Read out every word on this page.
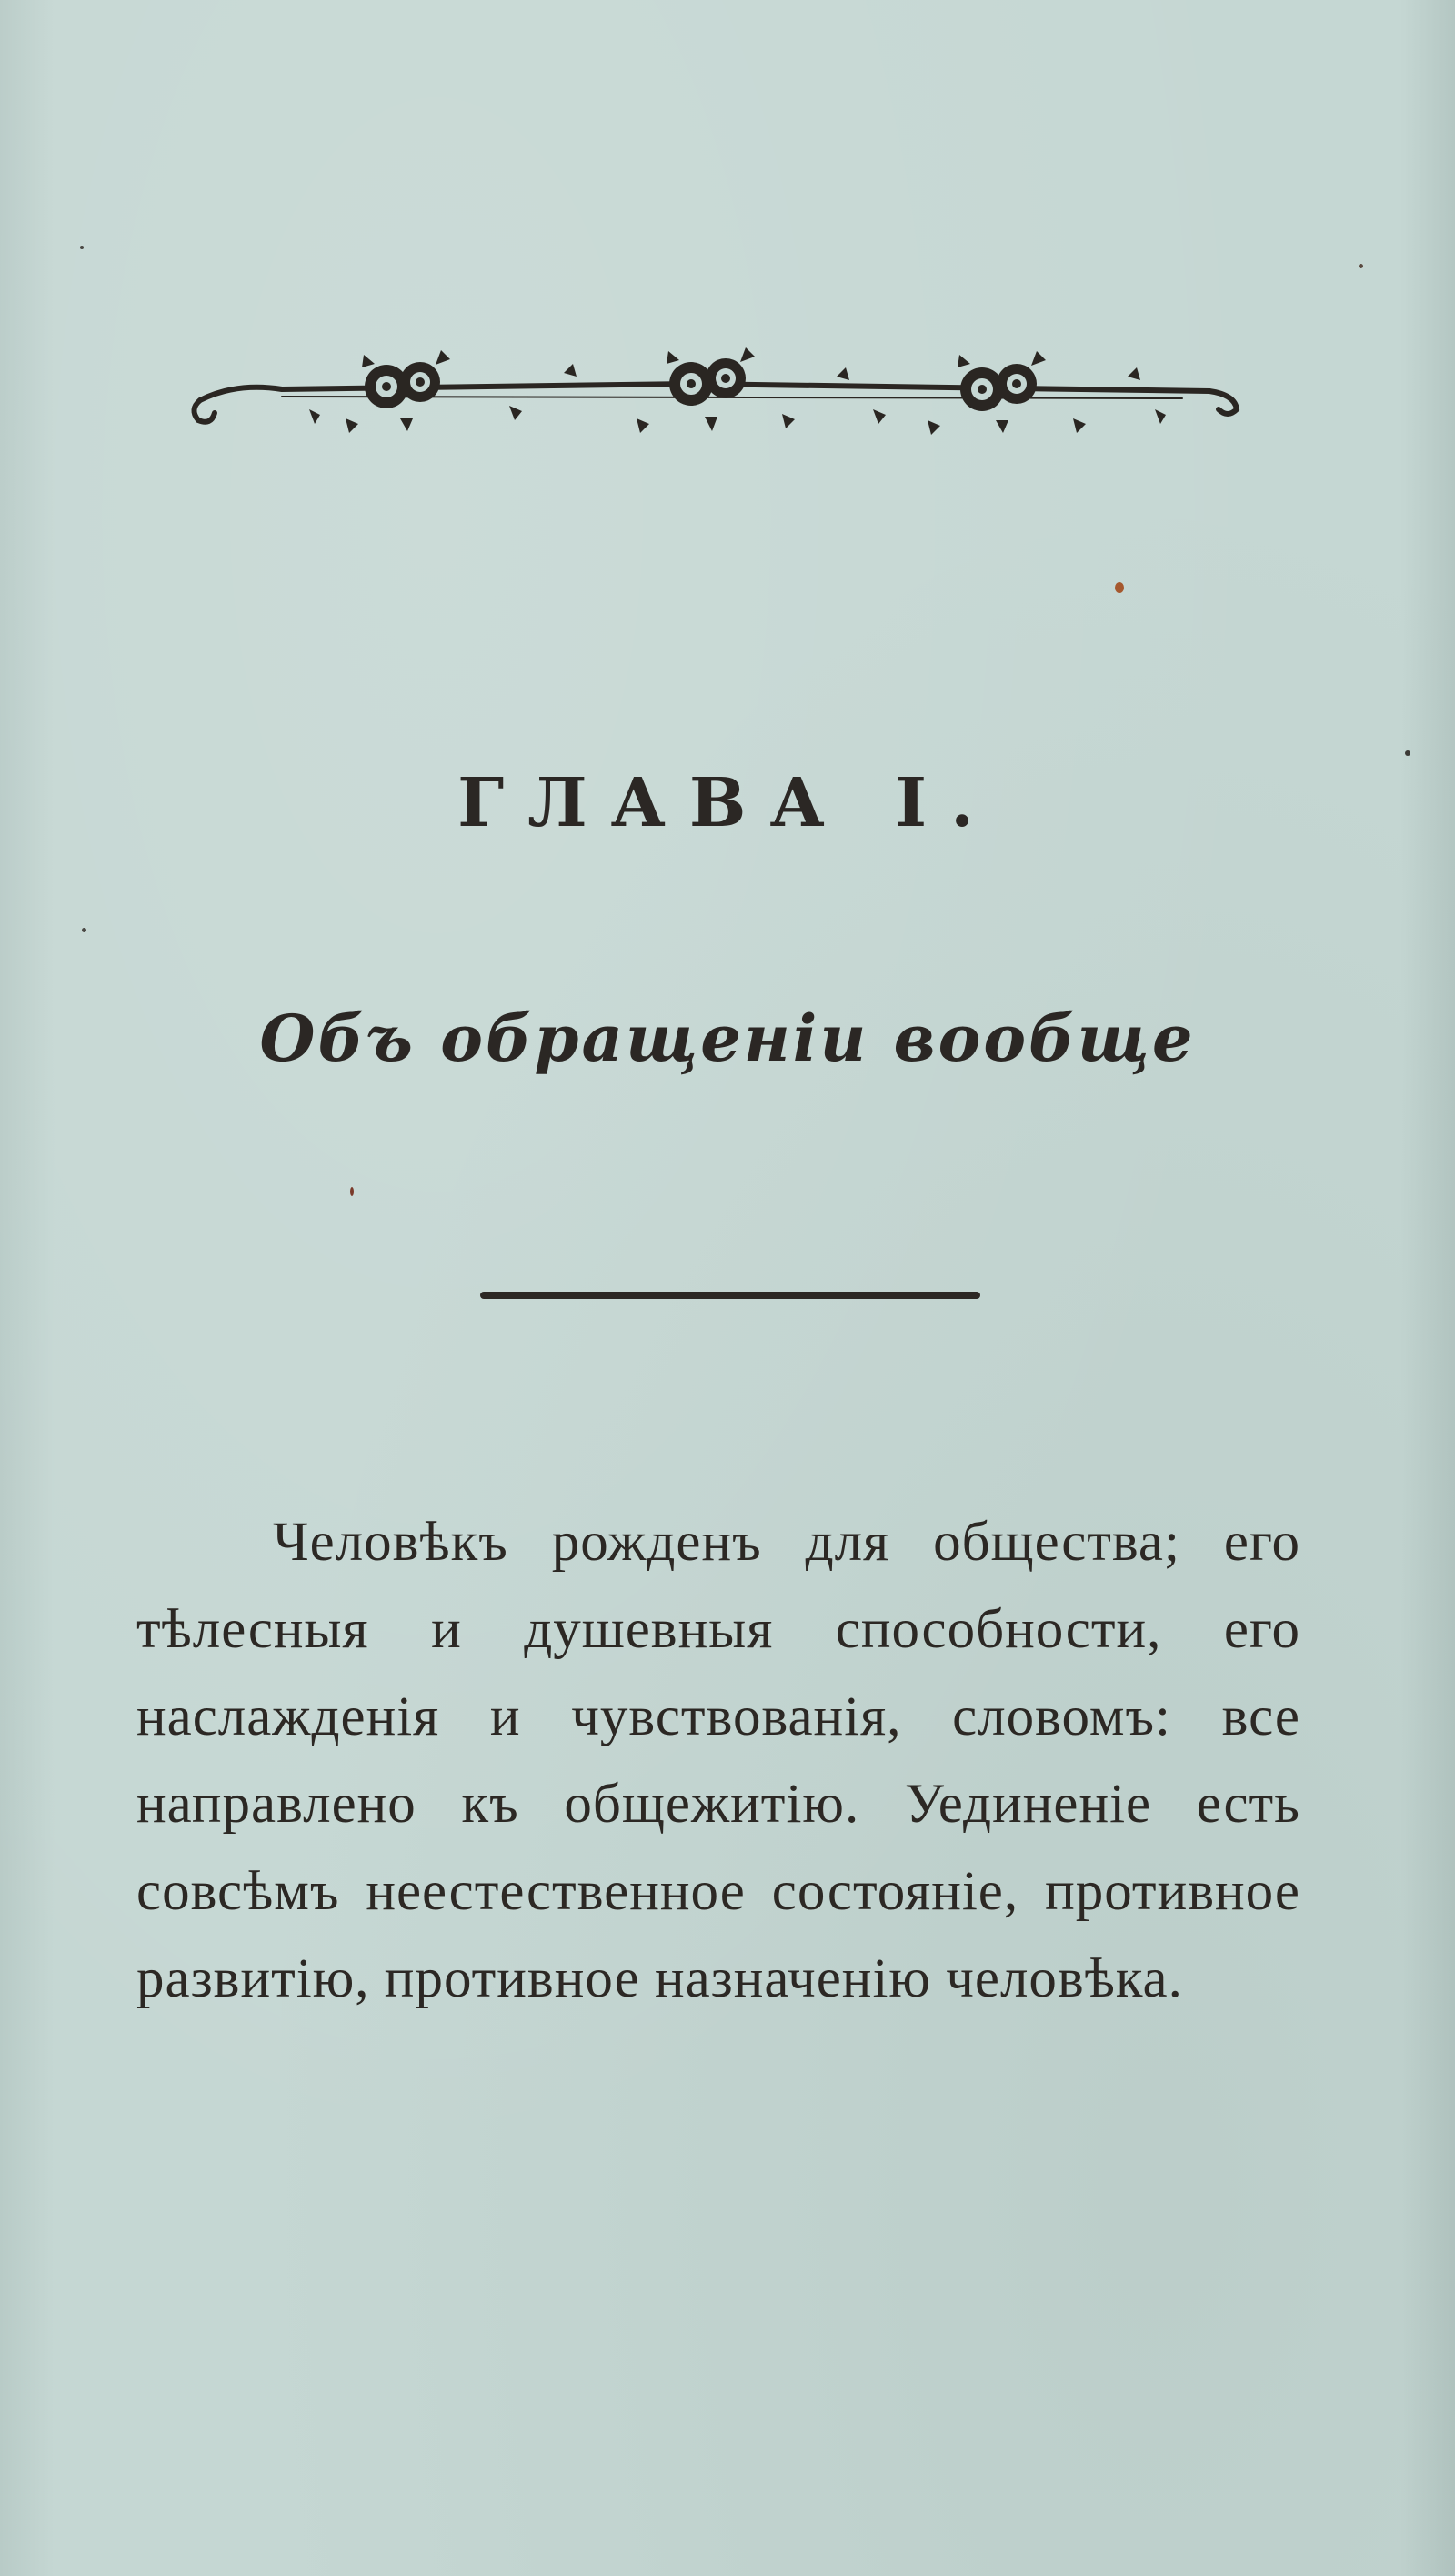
ГЛАВА І.
Объ обращеніи вообще

Человѣкъ рожденъ для общества; его тѣлесныя и душевныя способности, его наслажденія и чувствованія, словомъ: все направлено къ общежитію. Уединеніе есть совсѣмъ неестественное состояніе, противное развитію, противное назначенію человѣка.
